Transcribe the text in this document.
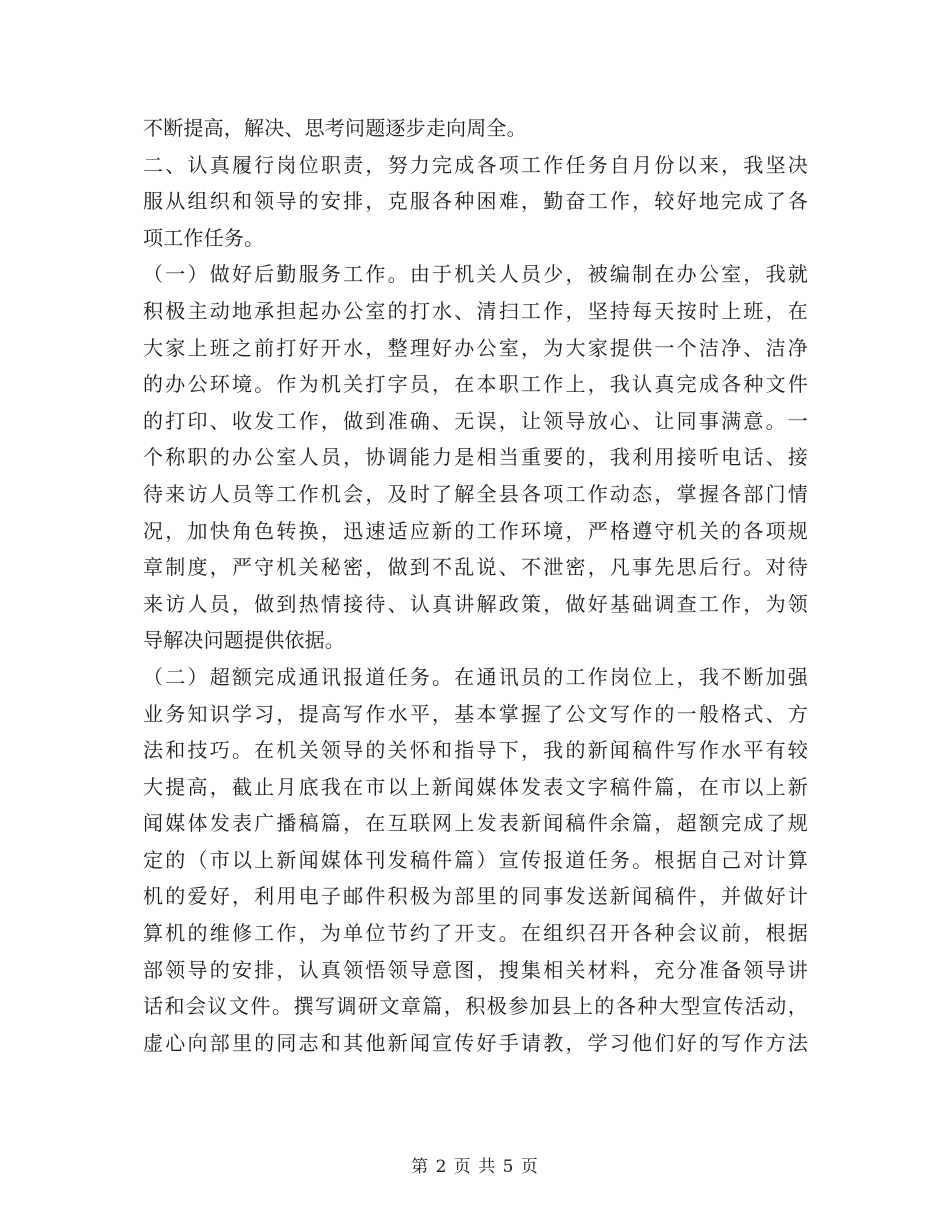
不断提高，解决、思考问题逐步走向周全。
二、认真履行岗位职责，努力完成各项工作任务自月份以来，我坚决
服从组织和领导的安排，克服各种困难，勤奋工作，较好地完成了各
项工作任务。
（一）做好后勤服务工作。由于机关人员少，被编制在办公室，我就
积极主动地承担起办公室的打水、清扫工作，坚持每天按时上班，在
大家上班之前打好开水，整理好办公室，为大家提供一个洁净、洁净
的办公环境。作为机关打字员，在本职工作上，我认真完成各种文件
的打印、收发工作，做到准确、无误，让领导放心、让同事满意。一
个称职的办公室人员，协调能力是相当重要的，我利用接听电话、接
待来访人员等工作机会，及时了解全县各项工作动态，掌握各部门情
况，加快角色转换，迅速适应新的工作环境，严格遵守机关的各项规
章制度，严守机关秘密，做到不乱说、不泄密，凡事先思后行。对待
来访人员，做到热情接待、认真讲解政策，做好基础调查工作，为领
导解决问题提供依据。
（二）超额完成通讯报道任务。在通讯员的工作岗位上，我不断加强
业务知识学习，提高写作水平，基本掌握了公文写作的一般格式、方
法和技巧。在机关领导的关怀和指导下，我的新闻稿件写作水平有较
大提高，截止月底我在市以上新闻媒体发表文字稿件篇，在市以上新
闻媒体发表广播稿篇，在互联网上发表新闻稿件余篇，超额完成了规
定的（市以上新闻媒体刊发稿件篇）宣传报道任务。根据自己对计算
机的爱好，利用电子邮件积极为部里的同事发送新闻稿件，并做好计
算机的维修工作，为单位节约了开支。在组织召开各种会议前，根据
部领导的安排，认真领悟领导意图，搜集相关材料，充分准备领导讲
话和会议文件。撰写调研文章篇，积极参加县上的各种大型宣传活动，
虚心向部里的同志和其他新闻宣传好手请教，学习他们好的写作方法
第 2 页 共 5 页
